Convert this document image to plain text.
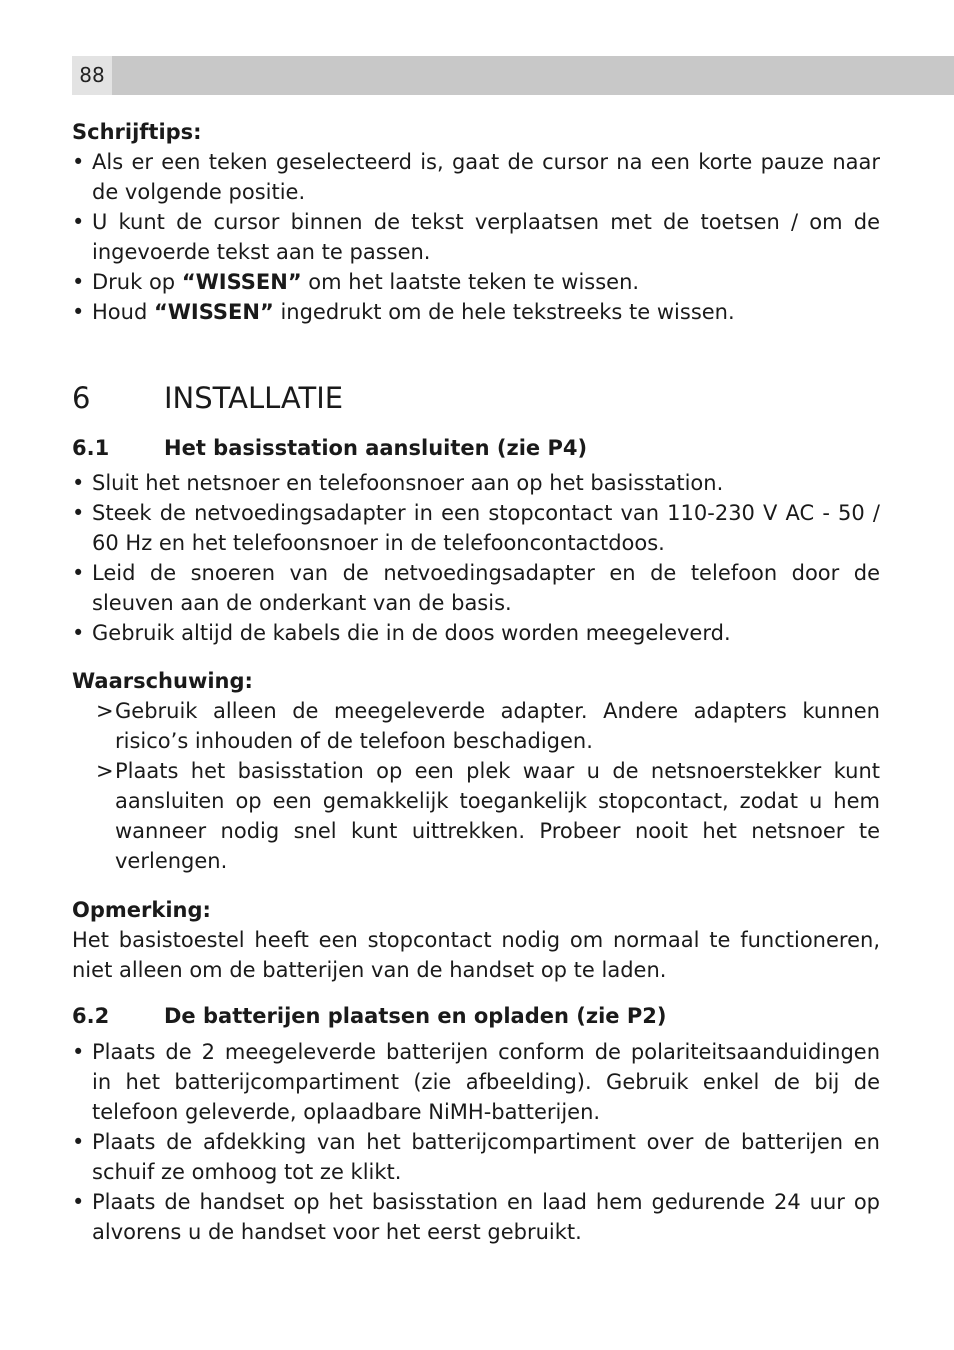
88
Schrijftips:
• Als er een teken geselecteerd is, gaat de cursor na een korte pauze naar de volgende positie.
• U kunt de cursor binnen de tekst verplaatsen met de toetsen / om de ingevoerde tekst aan te passen.
• Druk op “WISSEN” om het laatste teken te wissen.
• Houd “WISSEN” ingedrukt om de hele tekstreeks te wissen.
6	INSTALLATIE
6.1	Het basisstation aansluiten (zie P4)
• Sluit het netsnoer en telefoonsnoer aan op het basisstation.
• Steek de netvoedingsadapter in een stopcontact van 110-230 V AC - 50 / 60 Hz en het telefoonsnoer in de telefooncontactdoos.
• Leid de snoeren van de netvoedingsadapter en de telefoon door de sleuven aan de onderkant van de basis.
• Gebruik altijd de kabels die in de doos worden meegeleverd.
Waarschuwing:
> Gebruik alleen de meegeleverde adapter. Andere adapters kunnen risico’s inhouden of de telefoon beschadigen.
> Plaats het basisstation op een plek waar u de netsnoerstekker kunt aansluiten op een gemakkelijk toegankelijk stopcontact, zodat u hem wanneer nodig snel kunt uittrekken. Probeer nooit het netsnoer te verlengen.
Opmerking:
Het basistoestel heeft een stopcontact nodig om normaal te functioneren, niet alleen om de batterijen van de handset op te laden.
6.2	De batterijen plaatsen en opladen (zie P2)
• Plaats de 2 meegeleverde batterijen conform de polariteitsaanduidingen in het batterijcompartiment (zie afbeelding). Gebruik enkel de bij de telefoon geleverde, oplaadbare NiMH-batterijen.
• Plaats de afdekking van het batterijcompartiment over de batterijen en schuif ze omhoog tot ze klikt.
• Plaats de handset op het basisstation en laad hem gedurende 24 uur op alvorens u de handset voor het eerst gebruikt.
